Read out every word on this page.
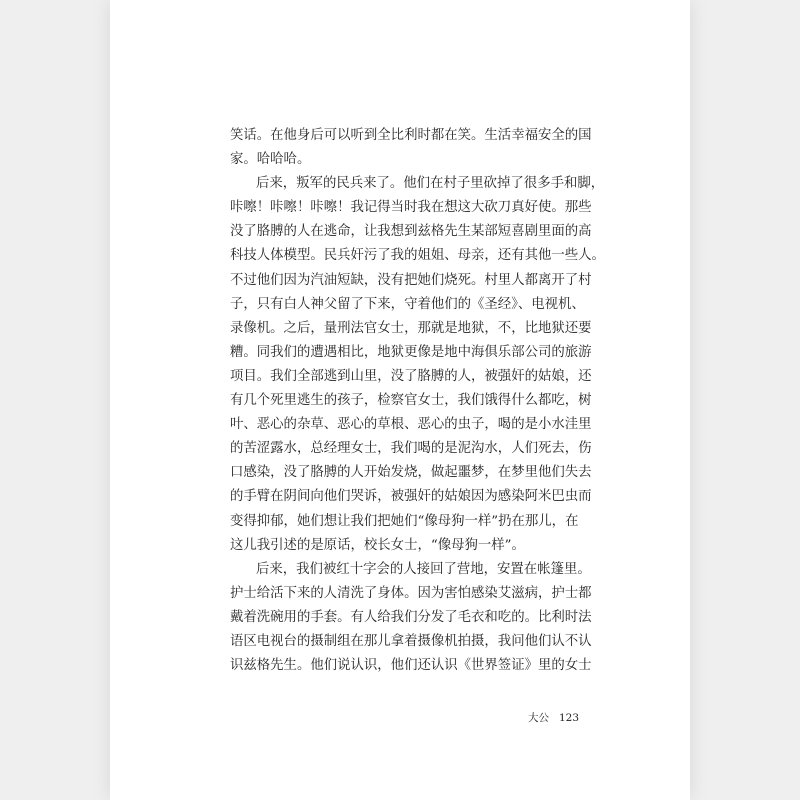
笑话。在他身后可以听到全比利时都在笑。生活幸福安全的国
家。哈哈哈。
后来，叛军的民兵来了。他们在村子里砍掉了很多手和脚，
咔嚓！咔嚓！咔嚓！我记得当时我在想这大砍刀真好使。那些
没了胳膊的人在逃命，让我想到兹格先生某部短喜剧里面的高
科技人体模型。民兵奸污了我的姐姐、母亲，还有其他一些人。
不过他们因为汽油短缺，没有把她们烧死。村里人都离开了村
子，只有白人神父留了下来，守着他们的《圣经》、电视机、
录像机。之后，量刑法官女士，那就是地狱，不，比地狱还要
糟。同我们的遭遇相比，地狱更像是地中海俱乐部公司的旅游
项目。我们全部逃到山里，没了胳膊的人，被强奸的姑娘，还
有几个死里逃生的孩子，检察官女士，我们饿得什么都吃，树
叶、恶心的杂草、恶心的草根、恶心的虫子，喝的是小水洼里
的苦涩露水，总经理女士，我们喝的是泥沟水，人们死去，伤
口感染，没了胳膊的人开始发烧，做起噩梦，在梦里他们失去
的手臂在阴间向他们哭诉，被强奸的姑娘因为感染阿米巴虫而
变得抑郁，她们想让我们把她们“像母狗一样”扔在那儿，在
这儿我引述的是原话，校长女士，“像母狗一样”。
后来，我们被红十字会的人接回了营地，安置在帐篷里。
护士给活下来的人清洗了身体。因为害怕感染艾滋病，护士都
戴着洗碗用的手套。有人给我们分发了毛衣和吃的。比利时法
语区电视台的摄制组在那儿拿着摄像机拍摄，我问他们认不认
识兹格先生。他们说认识，他们还认识《世界签证》里的女士
大公 123
